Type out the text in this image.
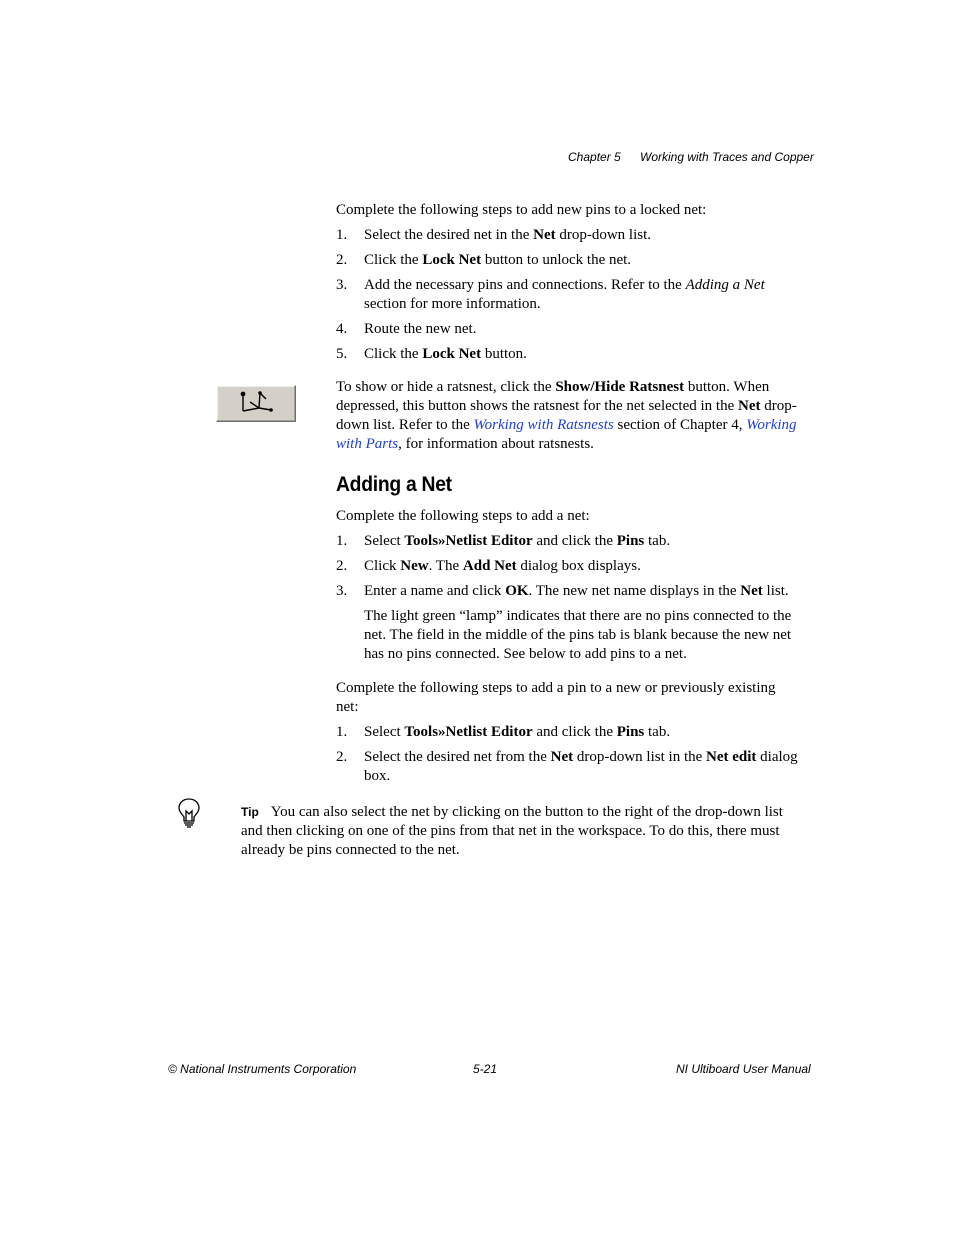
Chapter 5 Working with Traces and Copper

Complete the following steps to add new pins to a locked net:

1. Select the desired net in the Net drop-down list.
2. Click the Lock Net button to unlock the net.
3. Add the necessary pins and connections. Refer to the Adding a Net section for more information.
4. Route the new net.
5. Click the Lock Net button.

To show or hide a ratsnest, click the Show/Hide Ratsnest button. When depressed, this button shows the ratsnest for the net selected in the Net drop-down list. Refer to the Working with Ratsnests section of Chapter 4, Working with Parts, for information about ratsnests.

Adding a Net

Complete the following steps to add a net:

1. Select Tools»Netlist Editor and click the Pins tab.
2. Click New. The Add Net dialog box displays.
3. Enter a name and click OK. The new net name displays in the Net list.

The light green “lamp” indicates that there are no pins connected to the net. The field in the middle of the pins tab is blank because the new net has no pins connected. See below to add pins to a net.

Complete the following steps to add a pin to a new or previously existing net:

1. Select Tools»Netlist Editor and click the Pins tab.
2. Select the desired net from the Net drop-down list in the Net edit dialog box.
Tip You can also select the net by clicking on the button to the right of the drop-down list and then clicking on one of the pins from that net in the workspace. To do this, there must already be pins connected to the net.
© National Instruments Corporation	5-21	NI Ultiboard User Manual
